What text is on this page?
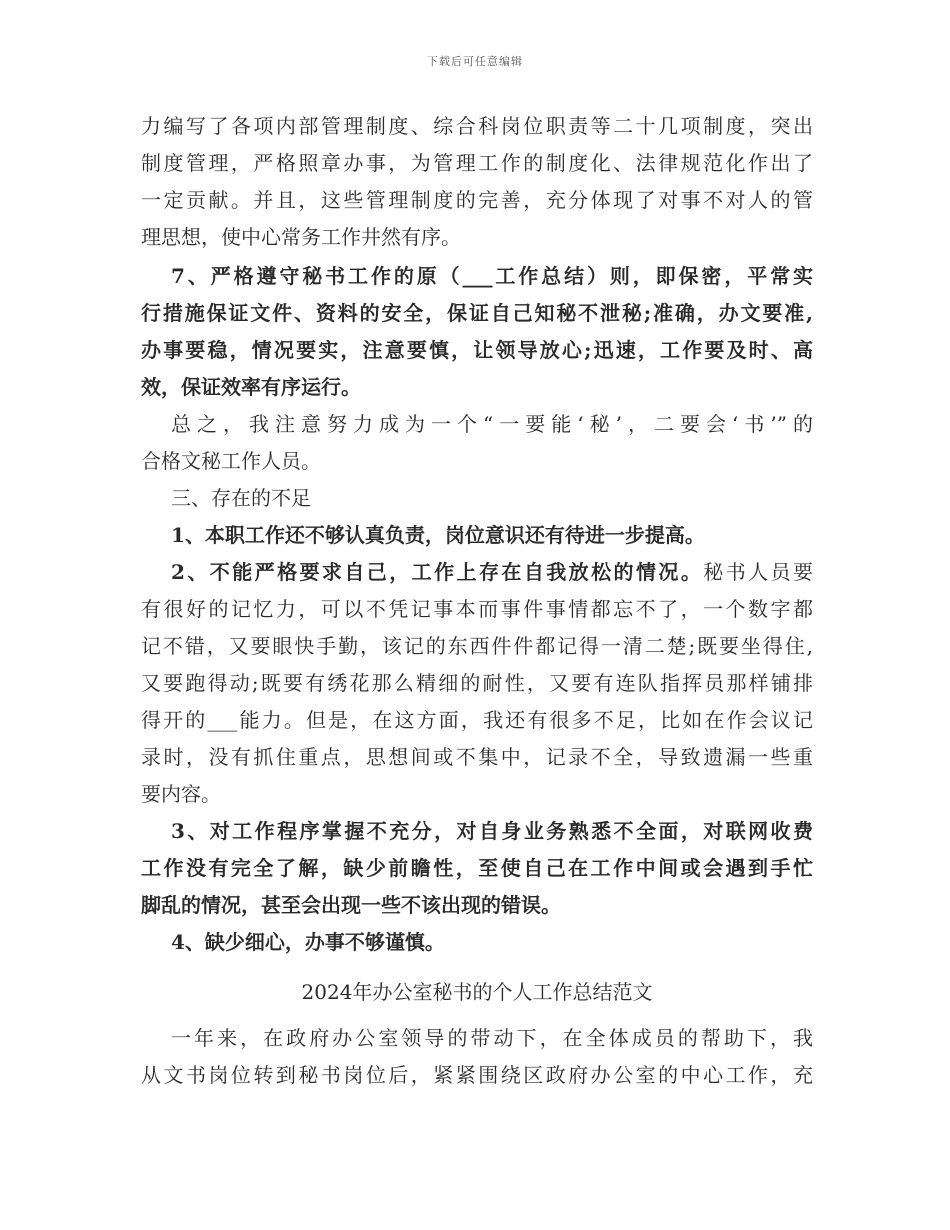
下载后可任意编辑
力编写了各项内部管理制度、综合科岗位职责等二十几项制度，突出
制度管理，严格照章办事，为管理工作的制度化、法律规范化作出了
一定贡献。并且，这些管理制度的完善，充分体现了对事不对人的管
理思想，使中心常务工作井然有序。
7、严格遵守秘书工作的原（___工作总结）则，即保密，平常实
行措施保证文件、资料的安全，保证自己知秘不泄秘;准确，办文要准,
办事要稳，情况要实，注意要慎，让领导放心;迅速，工作要及时、高
效，保证效率有序运行。
总之，我注意努力成为一个“一要能‘秘’，二要会‘书’”的
合格文秘工作人员。
三、存在的不足
1、本职工作还不够认真负责，岗位意识还有待进一步提高。
2、不能严格要求自己，工作上存在自我放松的情况。秘书人员要
有很好的记忆力，可以不凭记事本而事件事情都忘不了，一个数字都
记不错，又要眼快手勤，该记的东西件件都记得一清二楚;既要坐得住,
又要跑得动;既要有绣花那么精细的耐性，又要有连队指挥员那样铺排
得开的___能力。但是，在这方面，我还有很多不足，比如在作会议记
录时，没有抓住重点，思想间或不集中，记录不全，导致遗漏一些重
要内容。
3、对工作程序掌握不充分，对自身业务熟悉不全面，对联网收费
工作没有完全了解，缺少前瞻性，至使自己在工作中间或会遇到手忙
脚乱的情况，甚至会出现一些不该出现的错误。
4、缺少细心，办事不够谨慎。
2024年办公室秘书的个人工作总结范文
一年来，在政府办公室领导的带动下，在全体成员的帮助下，我
从文书岗位转到秘书岗位后，紧紧围绕区政府办公室的中心工作，充
